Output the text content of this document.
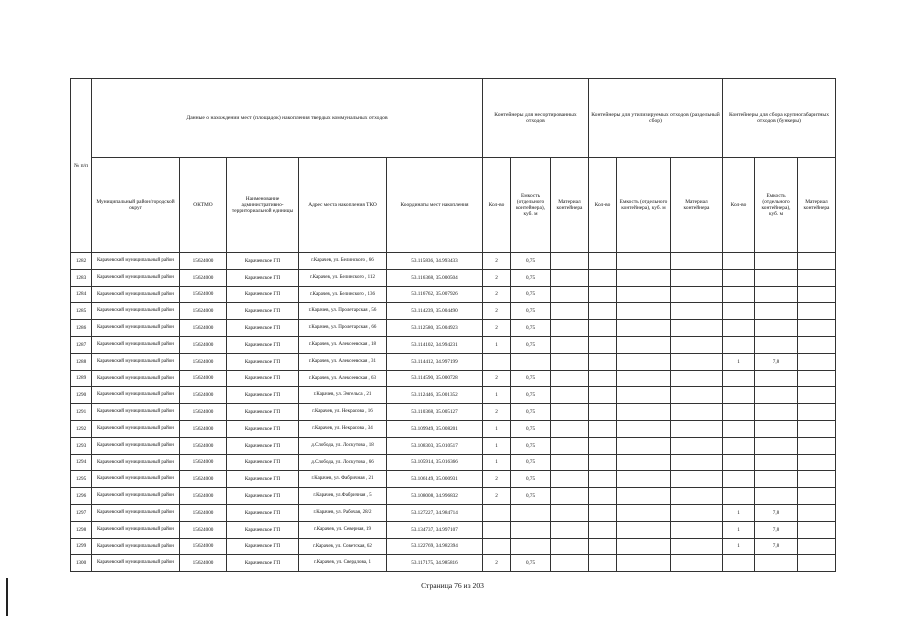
№ п/п	Данные о нахождении мест (площадок) накопления твердых коммунальных отходов					Контейнеры для несортированных отходов			Контейнеры для утилизируемых отходов (раздельный сбор)			Контейнеры для сбора крупногабаритных отходов (бункеры)		
	Муниципальный район/городской округ	ОКТМО	Наименование административно-территориальной единицы	Адрес места накопления ТКО	Координаты мест накопления	Кол-во	Емкость (отдельного контейнера), куб. м	Материал контейнера	Кол-во	Емкость (отдельного контейнера), куб. м	Материал контейнера	Кол-во	Емкость (отдельного контейнера), куб. м	Материал контейнера
1282	Карачевский муниципальный район	15624000	Карачевское ГП	г.Карачев, ул. Белинского , 66	53.115836, 34.993433	2	0,75							
1283	Карачевский муниципальный район	15624000	Карачевское ГП	г.Карачев, ул. Белинского , 112	53.116368, 35.000504	2	0,75							
1284	Карачевский муниципальный район	15624000	Карачевское ГП	г.Карачев, ул. Белинского , 136	53.116762, 35.007926	2	0,75							
1285	Карачевский муниципальный район	15624000	Карачевское ГП	г.Карачев, ул. Пролетарская , 56	53.114239, 35.004490	2	0,75							
1286	Карачевский муниципальный район	15624000	Карачевское ГП	г.Карачев, ул. Пролетарская , 66	53.112580, 35.004923	2	0,75							
1287	Карачевский муниципальный район	15624000	Карачевское ГП	г.Карачев, ул. Алексеевская , 18	53.114102, 34.994231	1	0,75							
1288	Карачевский муниципальный район	15624000	Карачевское ГП	г.Карачев, ул. Алексеевская , 31	53.114412, 34.997199							1	7,8	
1289	Карачевский муниципальный район	15624000	Карачевское ГП	г.Карачев, ул. Алексеевская , 63	53.114590, 35.000728	2	0,75							
1290	Карачевский муниципальный район	15624000	Карачевское ГП	г.Карачев, ул. Энгельса , 21	53.112446, 35.001352	1	0,75							
1291	Карачевский муниципальный район	15624000	Карачевское ГП	г.Карачев, ул. Некрасова , 16	53.110368, 35.005127	2	0,75							
1292	Карачевский муниципальный район	15624000	Карачевское ГП	г.Карачев, ул. Некрасова , 34	53.109949, 35.008201	1	0,75							
1293	Карачевский муниципальный район	15624000	Карачевское ГП	д.Слобода, ул. Лоскутова , 18	53.108303, 35.010517	1	0,75							
1294	Карачевский муниципальный район	15624000	Карачевское ГП	д.Слобода, ул. Лоскутова , 66	53.105914, 35.016366	1	0,75							
1295	Карачевский муниципальный район	15624000	Карачевское ГП	г.Карачев, ул. Фабричная , 21	53.106149, 35.000931	2	0,75							
1296	Карачевский муниципальный район	15624000	Карачевское ГП	г.Карачев, ул.Фабричная , 5	53.108008, 34.996832	2	0,75							
1297	Карачевский муниципальный район	15624000	Карачевское ГП	г.Карачев, ул. Рабочая, 28/2	53.127227, 34.984714							1	7,8	
1298	Карачевский муниципальный район	15624000	Карачевское ГП	г.Карачев, ул. Северная, 19	53.134737, 34.997107							1	7,8	
1299	Карачевский муниципальный район	15624000	Карачевское ГП	г.Карачев, ул. Советская, 62	53.122769, 34.982394							1	7,8	
1300	Карачевский муниципальный район	15624000	Карачевское ГП	г.Карачев, ул. Свердлова, 1	53.117175, 34.985816	2	0,75							
Страница 76 из 203
